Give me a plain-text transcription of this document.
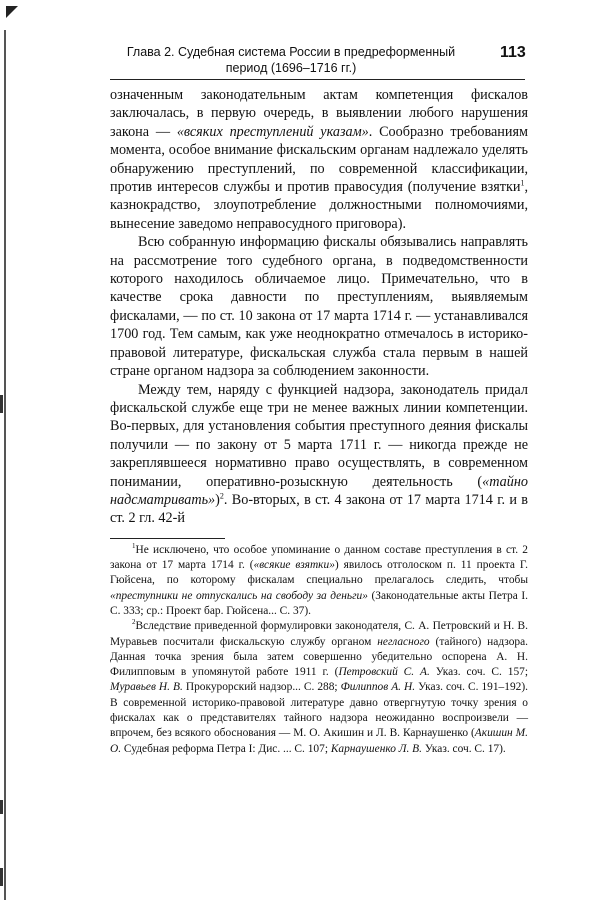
Глава 2. Судебная система России в предреформенный
период (1696–1716 гг.)
113

означенным законодательным актам компетенция фискалов заключалась, в первую очередь, в выявлении любого нарушения закона — «всяких преступлений указам». Сообразно требованиям момента, особое внимание фискальским органам надлежало уделять обнаружению преступлений, по современной классификации, против интересов службы и против правосудия (получение взятки$^1$, казнокрадство, злоупотребление должностными полномочиями, вынесение заведомо неправосудного приговора).

Всю собранную информацию фискалы обязывались направлять на рассмотрение того судебного органа, в подведомственности которого находилось обличаемое лицо. Примечательно, что в качестве срока давности по преступлениям, выявляемым фискалами, — по ст. 10 закона от 17 марта 1714 г. — устанавливался 1700 год. Тем самым, как уже неоднократно отмечалось в историко-правовой литературе, фискальская служба стала первым в нашей стране органом надзора за соблюдением законности.

Между тем, наряду с функцией надзора, законодатель придал фискальской службе еще три не менее важных линии компетенции. Во-первых, для установления события преступного деяния фискалы получили — по закону от 5 марта 1711 г. — никогда прежде не закреплявшееся нормативно право осуществлять, в современном понимании, оперативно-розыскную деятельность («тайно надсматривать»)$^2$. Во-вторых, в ст. 4 закона от 17 марта 1714 г. и в ст. 2 гл. 42-й

$^1$Не исключено, что особое упоминание о данном составе преступления в ст. 2 закона от 17 марта 1714 г. («всякие взятки») явилось отголоском п. 11 проекта Г. Гюйсена, по которому фискалам специально прелагалось следить, чтобы «преступники не отпускались на свободу за деньги» (Законодательные акты Петра I. С. 333; ср.: Проект бар. Гюйсена... С. 37).

$^2$Вследствие приведенной формулировки законодателя, С. А. Петровский и Н. В. Муравьев посчитали фискальскую службу органом негласного (тайного) надзора. Данная точка зрения была затем совершенно убедительно оспорена А. Н. Филипповым в упомянутой работе 1911 г. (Петровский С. А. Указ. соч. С. 157; Муравьев Н. В. Прокурорский надзор... С. 288; Филиппов А. Н. Указ. соч. С. 191–192). В современной историко-правовой литературе давно отвергнутую точку зрения о фискалах как о представителях тайного надзора неожиданно воспроизвели — впрочем, без всякого обоснования — М. О. Акишин и Л. В. Карнаушенко (Акишин М. О. Судебная реформа Петра I: Дис. ... С. 107; Карнаушенко Л. В. Указ. соч. С. 17).
